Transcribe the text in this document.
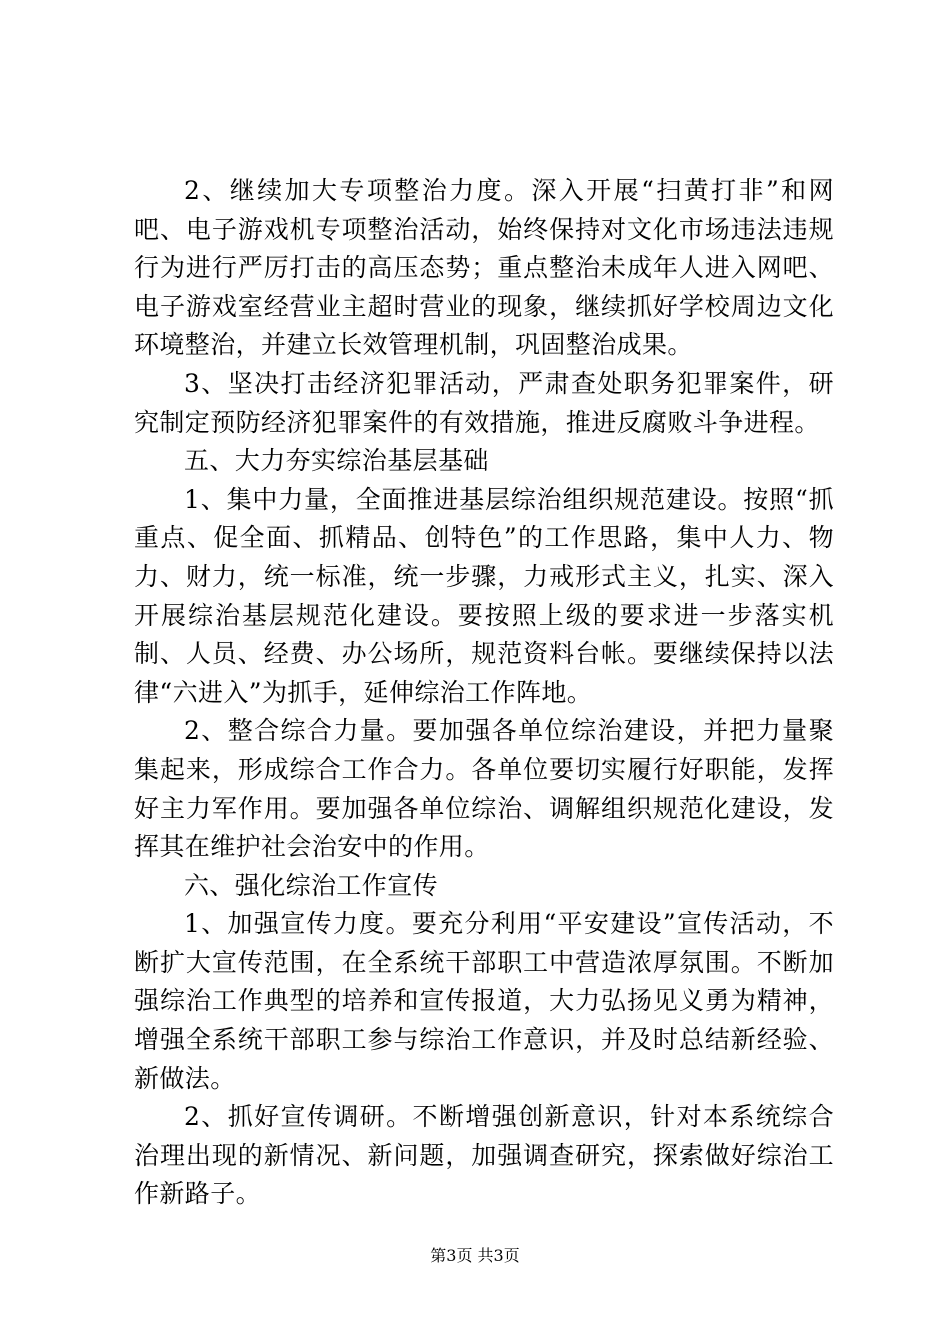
2、继续加大专项整治力度。深入开展“扫黄打非”和网吧、电子游戏机专项整治活动，始终保持对文化市场违法违规行为进行严厉打击的高压态势；重点整治未成年人进入网吧、电子游戏室经营业主超时营业的现象，继续抓好学校周边文化环境整治，并建立长效管理机制，巩固整治成果。

3、坚决打击经济犯罪活动，严肃查处职务犯罪案件，研究制定预防经济犯罪案件的有效措施，推进反腐败斗争进程。

五、大力夯实综治基层基础

1、集中力量，全面推进基层综治组织规范建设。按照“抓重点、促全面、抓精品、创特色”的工作思路，集中人力、物力、财力，统一标准，统一步骤，力戒形式主义，扎实、深入开展综治基层规范化建设。要按照上级的要求进一步落实机制、人员、经费、办公场所，规范资料台帐。要继续保持以法律“六进入”为抓手，延伸综治工作阵地。

2、整合综合力量。要加强各单位综治建设，并把力量聚集起来，形成综合工作合力。各单位要切实履行好职能，发挥好主力军作用。要加强各单位综治、调解组织规范化建设，发挥其在维护社会治安中的作用。

六、强化综治工作宣传

1、加强宣传力度。要充分利用“平安建设”宣传活动，不断扩大宣传范围，在全系统干部职工中营造浓厚氛围。不断加强综治工作典型的培养和宣传报道，大力弘扬见义勇为精神，增强全系统干部职工参与综治工作意识，并及时总结新经验、新做法。

2、抓好宣传调研。不断增强创新意识，针对本系统综合治理出现的新情况、新问题，加强调查研究，探索做好综治工作新路子。

第3页 共3页
